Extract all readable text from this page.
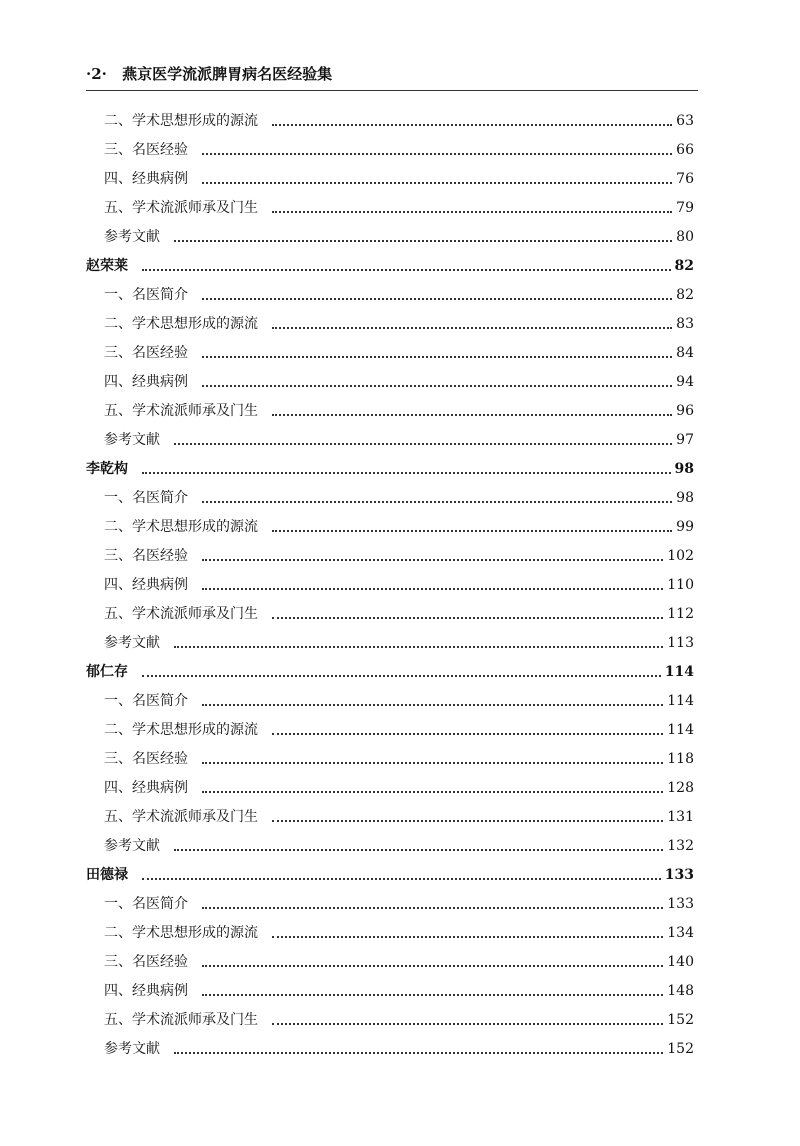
·2· 燕京医学流派脾胃病名医经验集
二、学术思想形成的源流	63
三、名医经验	66
四、经典病例	76
五、学术流派师承及门生	79
参考文献	80
赵荣莱	82
一、名医简介	82
二、学术思想形成的源流	83
三、名医经验	84
四、经典病例	94
五、学术流派师承及门生	96
参考文献	97
李乾构	98
一、名医简介	98
二、学术思想形成的源流	99
三、名医经验	102
四、经典病例	110
五、学术流派师承及门生	112
参考文献	113
郁仁存	114
一、名医简介	114
二、学术思想形成的源流	114
三、名医经验	118
四、经典病例	128
五、学术流派师承及门生	131
参考文献	132
田德禄	133
一、名医简介	133
二、学术思想形成的源流	134
三、名医经验	140
四、经典病例	148
五、学术流派师承及门生	152
参考文献	152
